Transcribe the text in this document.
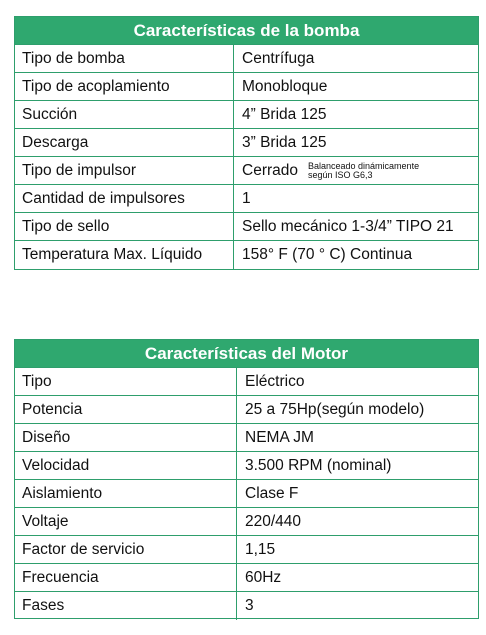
Características de la bomba
Tipo de bomba	Centrífuga
Tipo de acoplamiento	Monobloque
Succión	4” Brida 125
Descarga	3” Brida 125
Tipo de impulsor	Cerrado Balanceado dinámicamente
según ISO G6,3
Cantidad de impulsores	1
Tipo de sello	Sello mecánico 1-3/4” TIPO 21
Temperatura Max. Líquido	158° F (70 ° C) Continua
Características del Motor
Tipo	Eléctrico
Potencia	25 a 75Hp(según modelo)
Diseño	NEMA JM
Velocidad	3.500 RPM (nominal)
Aislamiento	Clase F
Voltaje	220/440
Factor de servicio	1,15
Frecuencia	60Hz
Fases	3
